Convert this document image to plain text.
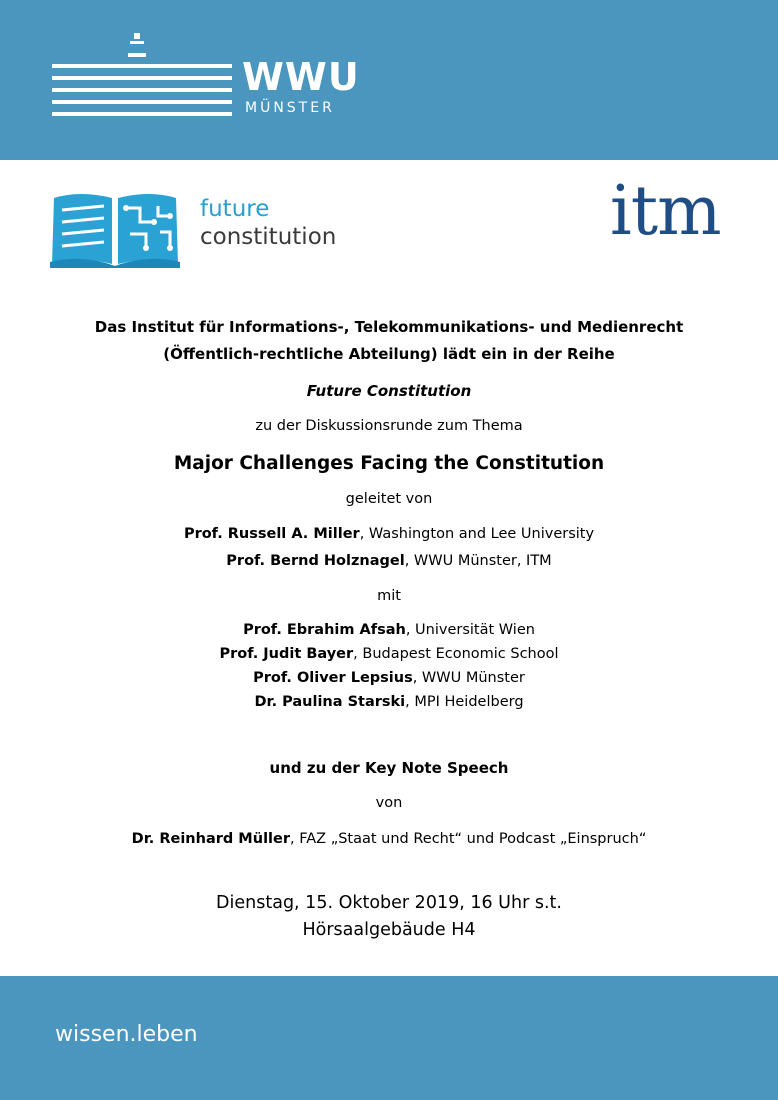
WWU
MÜNSTER
future
constitution	itm
Das Institut für Informations-, Telekommunikations- und Medienrecht
(Öffentlich-rechtliche Abteilung) lädt ein in der Reihe
Future Constitution
zu der Diskussionsrunde zum Thema
Major Challenges Facing the Constitution
geleitet von
Prof. Russell A. Miller, Washington and Lee University
Prof. Bernd Holznagel, WWU Münster, ITM
mit
Prof. Ebrahim Afsah, Universität Wien
Prof. Judit Bayer, Budapest Economic School
Prof. Oliver Lepsius, WWU Münster
Dr. Paulina Starski, MPI Heidelberg
und zu der Key Note Speech
von
Dr. Reinhard Müller, FAZ „Staat und Recht“ und Podcast „Einspruch“
Dienstag, 15. Oktober 2019, 16 Uhr s.t.
Hörsaalgebäude H4
wissen.leben
